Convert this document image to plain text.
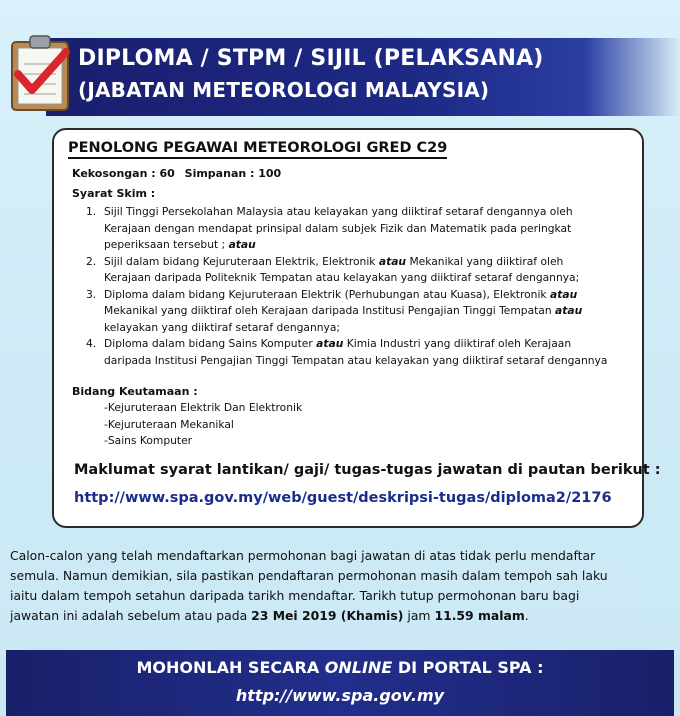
DIPLOMA / STPM / SIJIL (PELAKSANA)
(JABATAN METEOROLOGI MALAYSIA)
PENOLONG PEGAWAI METEOROLOGI GRED C29
Kekosongan : 60 Simpanan : 100
Syarat Skim :
1. Sijil Tinggi Persekolahan Malaysia atau kelayakan yang diiktiraf setaraf dengannya oleh
Kerajaan dengan mendapat prinsipal dalam subjek Fizik dan Matematik pada peringkat
peperiksaan tersebut ; atau
2. Sijil dalam bidang Kejuruteraan Elektrik, Elektronik atau Mekanikal yang diiktiraf oleh
Kerajaan daripada Politeknik Tempatan atau kelayakan yang diiktiraf setaraf dengannya;
3. Diploma dalam bidang Kejuruteraan Elektrik (Perhubungan atau Kuasa), Elektronik atau
Mekanikal yang diiktiraf oleh Kerajaan daripada Institusi Pengajian Tinggi Tempatan atau
kelayakan yang diiktiraf setaraf dengannya;
4. Diploma dalam bidang Sains Komputer atau Kimia Industri yang diiktiraf oleh Kerajaan
daripada Institusi Pengajian Tinggi Tempatan atau kelayakan yang diiktiraf setaraf dengannya
Bidang Keutamaan :
-Kejuruteraan Elektrik Dan Elektronik
-Kejuruteraan Mekanikal
-Sains Komputer
Maklumat syarat lantikan/ gaji/ tugas-tugas jawatan di pautan berikut :
http://www.spa.gov.my/web/guest/deskripsi-tugas/diploma2/2176
Calon-calon yang telah mendaftarkan permohonan bagi jawatan di atas tidak perlu mendaftar
semula. Namun demikian, sila pastikan pendaftaran permohonan masih dalam tempoh sah laku
iaitu dalam tempoh setahun daripada tarikh mendaftar. Tarikh tutup permohonan baru bagi
jawatan ini adalah sebelum atau pada 23 Mei 2019 (Khamis) jam 11.59 malam.
MOHONLAH SECARA ONLINE DI PORTAL SPA :
http://www.spa.gov.my
